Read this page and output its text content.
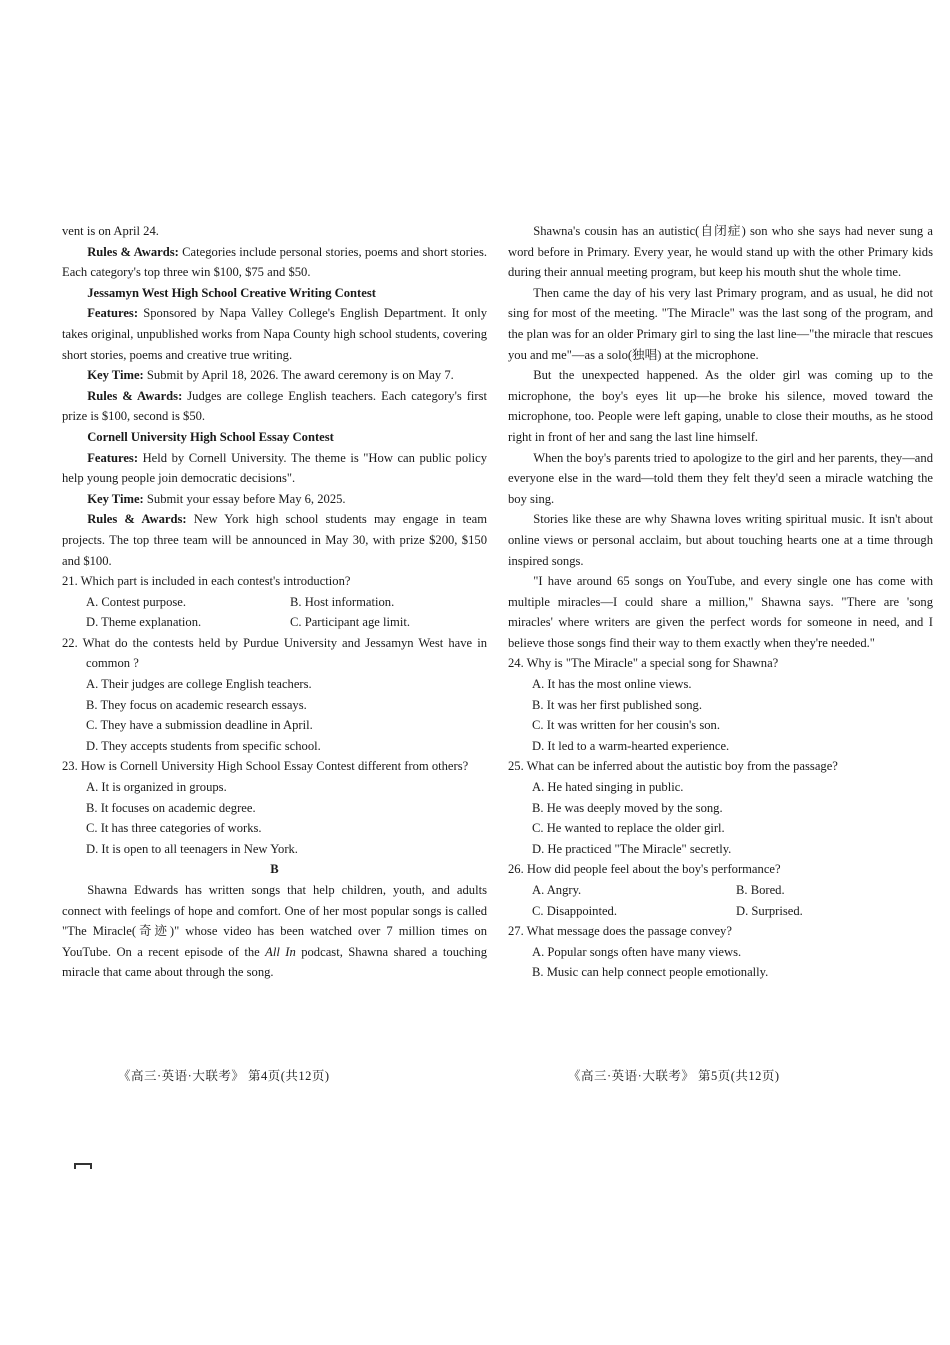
vent is on April 24.

Rules & Awards: Categories include personal stories, poems and short stories. Each category's top three win $100, $75 and $50.

Jessamyn West High School Creative Writing Contest

Features: Sponsored by Napa Valley College's English Department. It only takes original, unpublished works from Napa County high school students, covering short stories, poems and creative true writing.

Key Time: Submit by April 18, 2026. The award ceremony is on May 7.

Rules & Awards: Judges are college English teachers. Each category's first prize is $100, second is $50.

Cornell University High School Essay Contest

Features: Held by Cornell University. The theme is "How can public policy help young people join democratic decisions".

Key Time: Submit your essay before May 6, 2025.

Rules & Awards: New York high school students may engage in team projects. The top three team will be announced in May 30, with prize $200, $150 and $100.

21. Which part is included in each contest's introduction?

A. Contest purpose.	B. Host information.
D. Theme explanation.	C. Participant age limit.

22. What do the contests held by Purdue University and Jessamyn West have in common ?

A. Their judges are college English teachers.

B. They focus on academic research essays.

C. They have a submission deadline in April.

D. They accepts students from specific school.

23. How is Cornell University High School Essay Contest different from others?

A. It is organized in groups.

B. It focuses on academic degree.

C. It has three categories of works.

D. It is open to all teenagers in New York.

B

Shawna Edwards has written songs that help children, youth, and adults connect with feelings of hope and comfort. One of her most popular songs is called "The Miracle(奇迹)" whose video has been watched over 7 million times on YouTube. On a recent episode of the All In podcast, Shawna shared a touching miracle that came about through the song.

Shawna's cousin has an autistic(自闭症) son who she says had never sung a word before in Primary. Every year, he would stand up with the other Primary kids during their annual meeting program, but keep his mouth shut the whole time.

Then came the day of his very last Primary program, and as usual, he did not sing for most of the meeting. "The Miracle" was the last song of the program, and the plan was for an older Primary girl to sing the last line—"the miracle that rescues you and me"—as a solo(独唱) at the microphone.

But the unexpected happened. As the older girl was coming up to the microphone, the boy's eyes lit up—he broke his silence, moved toward the microphone, too. People were left gaping, unable to close their mouths, as he stood right in front of her and sang the last line himself.

When the boy's parents tried to apologize to the girl and her parents, they—and everyone else in the ward—told them they felt they'd seen a miracle watching the boy sing.

Stories like these are why Shawna loves writing spiritual music. It isn't about online views or personal acclaim, but about touching hearts one at a time through inspired songs.

"I have around 65 songs on YouTube, and every single one has come with multiple miracles—I could share a million," Shawna says. "There are 'song miracles' where writers are given the perfect words for someone in need, and I believe those songs find their way to them exactly when they're needed."

24. Why is "The Miracle" a special song for Shawna?

A. It has the most online views.

B. It was her first published song.

C. It was written for her cousin's son.

D. It led to a warm-hearted experience.

25. What can be inferred about the autistic boy from the passage?

A. He hated singing in public.

B. He was deeply moved by the song.

C. He wanted to replace the older girl.

D. He practiced "The Miracle" secretly.

26. How did people feel about the boy's performance?

A. Angry.	B. Bored.
C. Disappointed.	D. Surprised.

27. What message does the passage convey?

A. Popular songs often have many views.

B. Music can help connect people emotionally.

《高三·英语·大联考》 第4页(共12页)	《高三·英语·大联考》 第5页(共12页)
